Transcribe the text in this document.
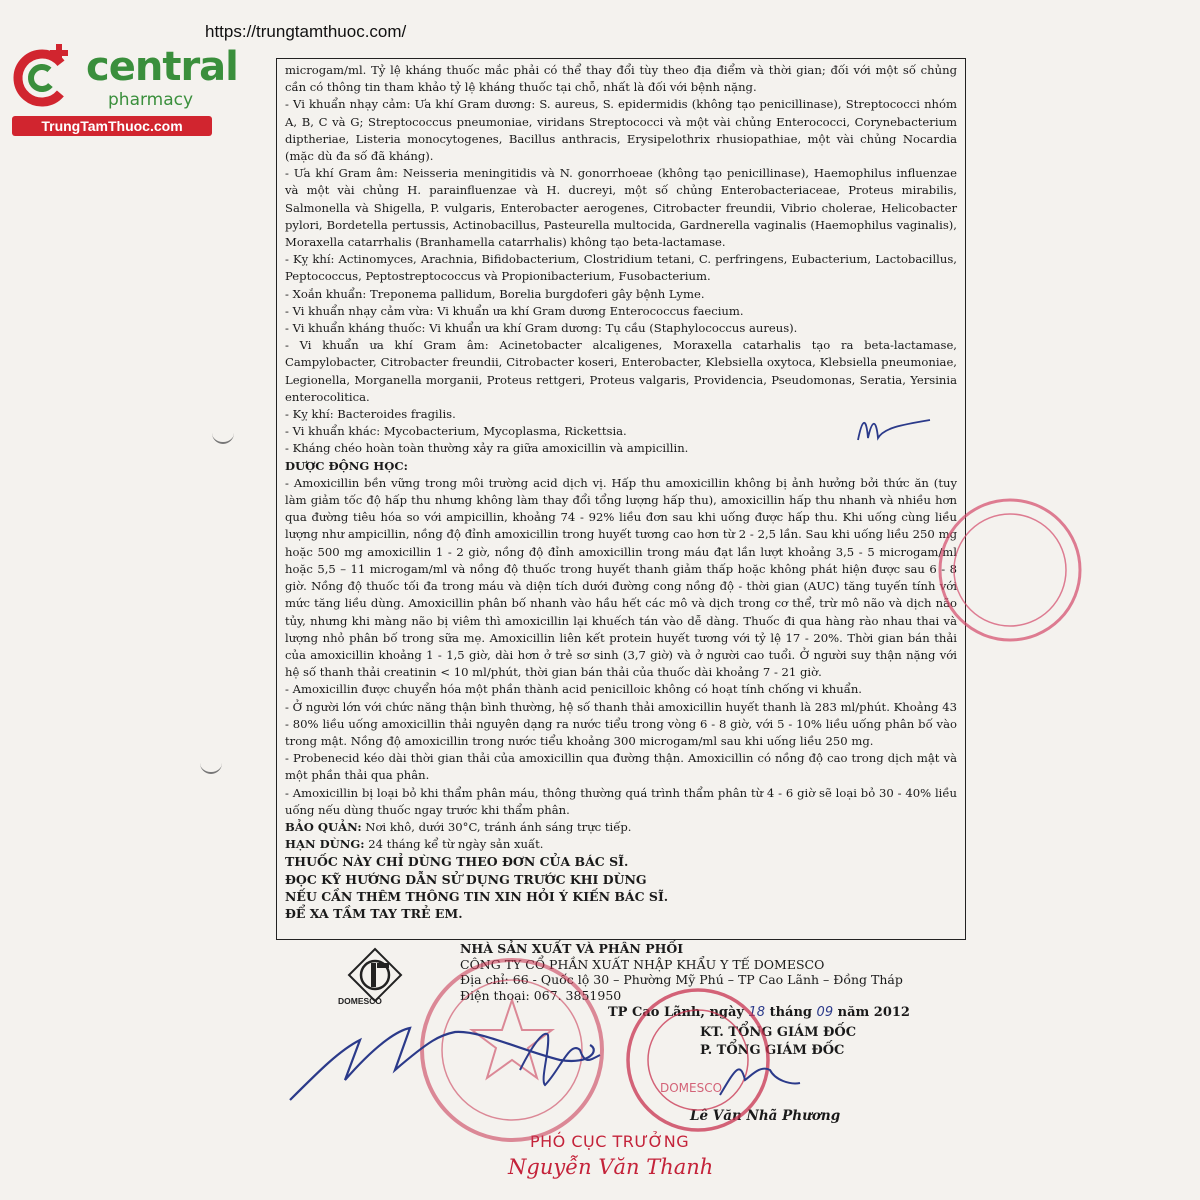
central
pharmacy
TrungTamThuoc.com
https://trungtamthuoc.com/

microgam/ml. Tỷ lệ kháng thuốc mắc phải có thể thay đổi tùy theo địa điểm và thời gian; đối với một số chủng cần có thông tin tham khảo tỷ lệ kháng thuốc tại chỗ, nhất là đối với bệnh nặng.

- Vi khuẩn nhạy cảm: Ưa khí Gram dương: S. aureus, S. epidermidis (không tạo penicillinase), Streptococci nhóm A, B, C và G; Streptococcus pneumoniae, viridans Streptococci và một vài chủng Enterococci, Corynebacterium diptheriae, Listeria monocytogenes, Bacillus anthracis, Erysipelothrix rhusiopathiae, một vài chủng Nocardia (mặc dù đa số đã kháng).

- Ưa khí Gram âm: Neisseria meningitidis và N. gonorrhoeae (không tạo penicillinase), Haemophilus influenzae và một vài chủng H. parainfluenzae và H. ducreyi, một số chủng Enterobacteriaceae, Proteus mirabilis, Salmonella và Shigella, P. vulgaris, Enterobacter aerogenes, Citrobacter freundii, Vibrio cholerae, Helicobacter pylori, Bordetella pertussis, Actinobacillus, Pasteurella multocida, Gardnerella vaginalis (Haemophilus vaginalis), Moraxella catarrhalis (Branhamella catarrhalis) không tạo beta-lactamase.

- Kỵ khí: Actinomyces, Arachnia, Bifidobacterium, Clostridium tetani, C. perfringens, Eubacterium, Lactobacillus, Peptococcus, Peptostreptococcus và Propionibacterium, Fusobacterium.

- Xoắn khuẩn: Treponema pallidum, Borelia burgdoferi gây bệnh Lyme.

- Vi khuẩn nhạy cảm vừa: Vi khuẩn ưa khí Gram dương Enterococcus faecium.

- Vi khuẩn kháng thuốc: Vi khuẩn ưa khí Gram dương: Tụ cầu (Staphylococcus aureus).

- Vi khuẩn ưa khí Gram âm: Acinetobacter alcaligenes, Moraxella catarhalis tạo ra beta-lactamase, Campylobacter, Citrobacter freundii, Citrobacter koseri, Enterobacter, Klebsiella oxytoca, Klebsiella pneumoniae, Legionella, Morganella morganii, Proteus rettgeri, Proteus valgaris, Providencia, Pseudomonas, Seratia, Yersinia enterocolitica.

- Kỵ khí: Bacteroides fragilis.

- Vi khuẩn khác: Mycobacterium, Mycoplasma, Rickettsia.

- Kháng chéo hoàn toàn thường xảy ra giữa amoxicillin và ampicillin.

DƯỢC ĐỘNG HỌC:

- Amoxicillin bền vững trong môi trường acid dịch vị. Hấp thu amoxicillin không bị ảnh hưởng bởi thức ăn (tuy làm giảm tốc độ hấp thu nhưng không làm thay đổi tổng lượng hấp thu), amoxicillin hấp thu nhanh và nhiều hơn qua đường tiêu hóa so với ampicillin, khoảng 74 - 92% liều đơn sau khi uống được hấp thu. Khi uống cùng liều lượng như ampicillin, nồng độ đỉnh amoxicillin trong huyết tương cao hơn từ 2 - 2,5 lần. Sau khi uống liều 250 mg hoặc 500 mg amoxicillin 1 - 2 giờ, nồng độ đỉnh amoxicillin trong máu đạt lần lượt khoảng 3,5 - 5 microgam/ml hoặc 5,5 – 11 microgam/ml và nồng độ thuốc trong huyết thanh giảm thấp hoặc không phát hiện được sau 6 - 8 giờ. Nồng độ thuốc tối đa trong máu và diện tích dưới đường cong nồng độ - thời gian (AUC) tăng tuyến tính với mức tăng liều dùng. Amoxicillin phân bố nhanh vào hầu hết các mô và dịch trong cơ thể, trừ mô não và dịch não tủy, nhưng khi màng não bị viêm thì amoxicillin lại khuếch tán vào dễ dàng. Thuốc đi qua hàng rào nhau thai và lượng nhỏ phân bố trong sữa mẹ. Amoxicillin liên kết protein huyết tương với tỷ lệ 17 - 20%. Thời gian bán thải của amoxicillin khoảng 1 - 1,5 giờ, dài hơn ở trẻ sơ sinh (3,7 giờ) và ở người cao tuổi. Ở người suy thận nặng với hệ số thanh thải creatinin < 10 ml/phút, thời gian bán thải của thuốc dài khoảng 7 - 21 giờ.

- Amoxicillin được chuyển hóa một phần thành acid penicilloic không có hoạt tính chống vi khuẩn.

- Ở người lớn với chức năng thận bình thường, hệ số thanh thải amoxicillin huyết thanh là 283 ml/phút. Khoảng 43 - 80% liều uống amoxicillin thải nguyên dạng ra nước tiểu trong vòng 6 - 8 giờ, với 5 - 10% liều uống phân bố vào trong mật. Nồng độ amoxicillin trong nước tiểu khoảng 300 microgam/ml sau khi uống liều 250 mg.

- Probenecid kéo dài thời gian thải của amoxicillin qua đường thận. Amoxicillin có nồng độ cao trong dịch mật và một phần thải qua phân.

- Amoxicillin bị loại bỏ khi thẩm phân máu, thông thường quá trình thẩm phân từ 4 - 6 giờ sẽ loại bỏ 30 - 40% liều uống nếu dùng thuốc ngay trước khi thẩm phân.

BẢO QUẢN: Nơi khô, dưới 30°C, tránh ánh sáng trực tiếp.

HẠN DÙNG: 24 tháng kể từ ngày sản xuất.

THUỐC NÀY CHỈ DÙNG THEO ĐƠN CỦA BÁC SĨ.

ĐỌC KỸ HƯỚNG DẪN SỬ DỤNG TRƯỚC KHI DÙNG

NẾU CẦN THÊM THÔNG TIN XIN HỎI Ý KIẾN BÁC SĨ.

ĐỂ XA TẦM TAY TRẺ EM.

DOMESCO
NHÀ SẢN XUẤT VÀ PHÂN PHỐI
CÔNG TY CỔ PHẦN XUẤT NHẬP KHẨU Y TẾ DOMESCO
Địa chỉ: 66 - Quốc lộ 30 – Phường Mỹ Phú – TP Cao Lãnh – Đồng Tháp
Điện thoại: 067. 3851950
TP Cao Lãnh, ngày 18 tháng 09 năm 2012
KT. TỔNG GIÁM ĐỐC
P. TỔNG GIÁM ĐỐC
Lê Văn Nhã Phương
PHÓ CỤC TRƯỞNG
Nguyễn Văn Thanh
DOMESCO
